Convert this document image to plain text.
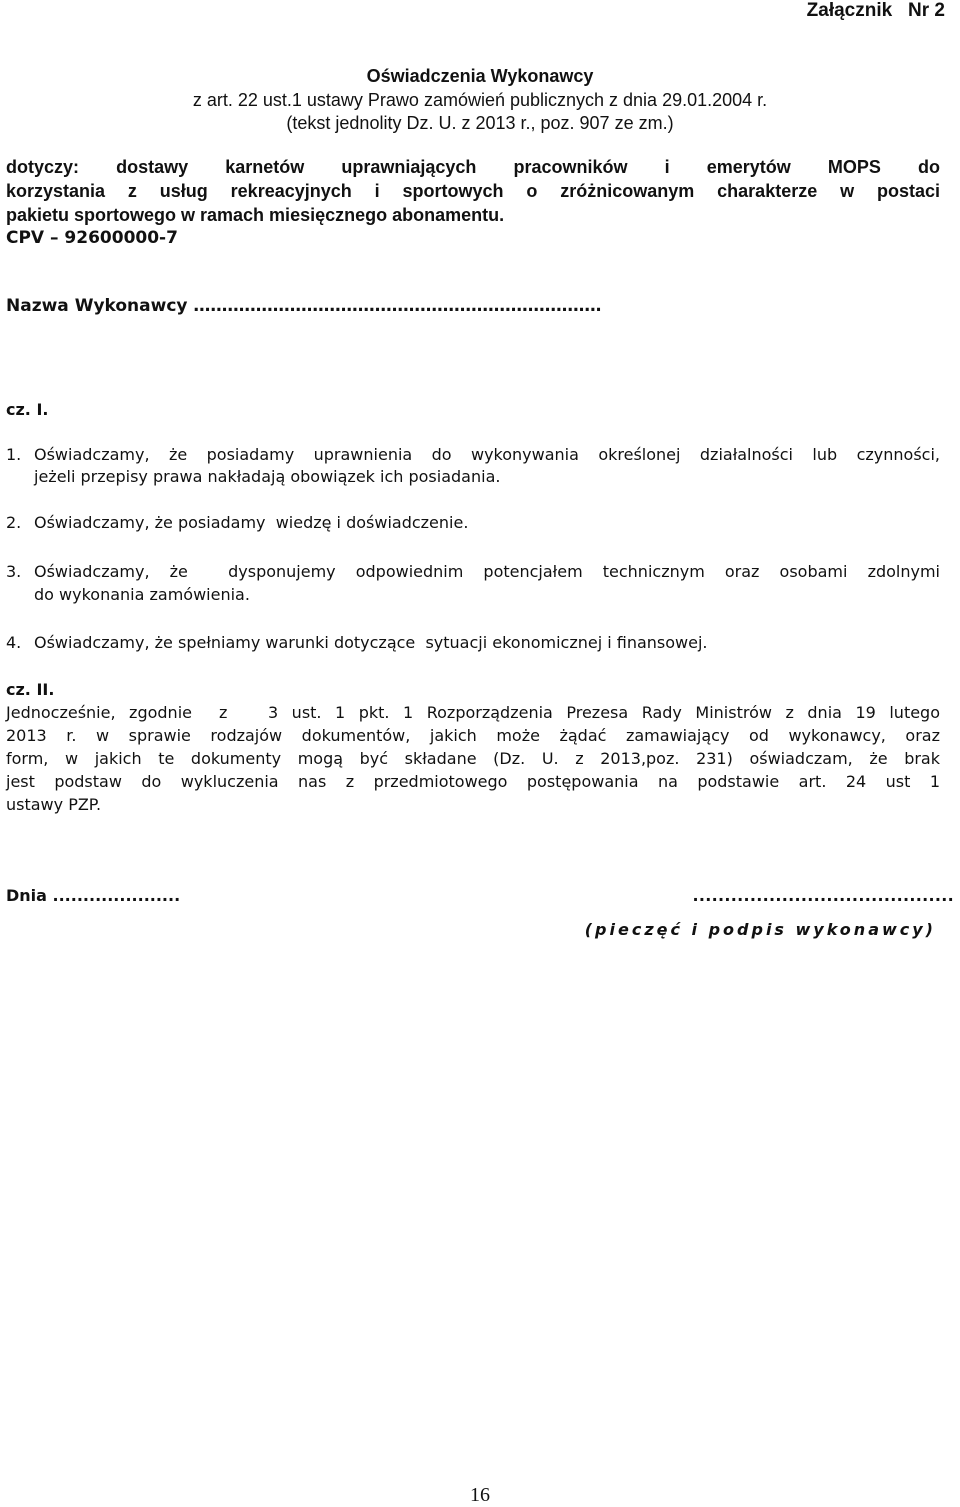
Załącznik   Nr 2
Oświadczenia Wykonawcy
z art. 22 ust.1 ustawy Prawo zamówień publicznych z dnia 29.01.2004 r.
(tekst jednolity Dz. U. z 2013 r., poz. 907 ze zm.)
dotyczy: dostawy karnetów uprawniających pracowników i emerytów MOPS do
korzystania z usług rekreacyjnych i sportowych o zróżnicowanym charakterze w postaci
pakietu sportowego w ramach miesięcznego abonamentu.
CPV – 92600000-7
Nazwa Wykonawcy ………………………………………………………………
cz. I.
1. Oświadczamy, że posiadamy uprawnienia do wykonywania określonej działalności lub czynności,
jeżeli przepisy prawa nakładają obowiązek ich posiadania.
2. Oświadczamy, że posiadamy  wiedzę i doświadczenie.
3. Oświadczamy, że  dysponujemy odpowiednim potencjałem technicznym oraz osobami zdolnymi
do wykonania zamówienia.
4. Oświadczamy, że spełniamy warunki dotyczące  sytuacji ekonomicznej i finansowej.
cz. II.
Jednocześnie, zgodnie  z   3 ust. 1 pkt. 1 Rozporządzenia Prezesa Rady Ministrów z dnia 19 lutego
2013 r. w sprawie rodzajów dokumentów, jakich może żądać zamawiający od wykonawcy, oraz
form, w jakich te dokumenty mogą być składane (Dz. U. z 2013,poz. 231) oświadczam, że brak
jest podstaw do wykluczenia nas z przedmiotowego postępowania na podstawie art. 24 ust 1
ustawy PZP.
Dnia .....................	.........................................
(pieczęć i podpis wykonawcy)
16
